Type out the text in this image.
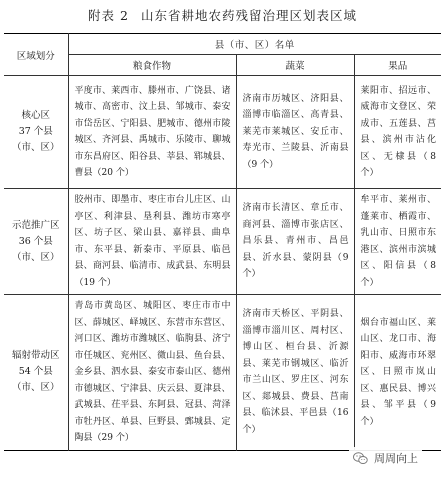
附表 2 山东省耕地农药残留治理区划表区域
区域划分	县（市、区）名单		
	粮食作物	蔬菜	果品

核心区
37 个县
（市、区）	平度市、莱西市、滕州市、广饶县、诸城市、高密市、汶上县、邹城市、泰安市岱岳区、宁阳县、肥城市、德州市陵城区、齐河县、禹城市、乐陵市、聊城市东昌府区、阳谷县、莘县、郓城县、曹县（20 个）	济南市历城区、济阳县、淄博市临淄区、高青县、莱芜市莱城区、安丘市、寿光市、兰陵县、沂南县（9 个）	莱阳市、招远市、威海市文登区、荣成市、五莲县、莒县、滨州市沾化区、无棣县（8 个）

示范推广区
36 个县
（市、区）	胶州市、即墨市、枣庄市台儿庄区、山亭区、利津县、垦利县、潍坊市寒亭区、坊子区、梁山县、嘉祥县、曲阜市、东平县、新泰市、平原县、临邑县、商河县、临清市、成武县、东明县（19 个）	济南市长清区、章丘市、商河县、淄博市张店区、昌乐县、青州市、昌邑县、沂水县、蒙阴县（9 个）	牟平市、莱州市、蓬莱市、栖霞市、乳山市、日照市东港区、滨州市滨城区、阳信县（8 个）

辐射带动区
54 个县
（市、区）	青岛市黄岛区、城阳区、枣庄市市中区、薛城区、峄城区、东营市东营区、河口区、潍坊市潍城区、临朐县、济宁市任城区、兖州区、微山县、鱼台县、金乡县、泗水县、泰安市泰山区、德州市德城区、宁津县、庆云县、夏津县、武城县、茌平县、东阿县、冠县、菏泽市牡丹区、单县、巨野县、鄄城县、定陶县（29 个）	济南市天桥区、平阴县、淄博市淄川区、周村区、博山区、桓台县、沂源县、莱芜市钢城区、临沂市兰山区、罗庄区、河东区、郯城县、费县、莒南县、临沭县、平邑县（16 个）	烟台市福山区、莱山区、龙口市、海阳市、威海市环翠区、日照市岚山区、惠民县、博兴县、邹平县（9 个）
周周向上
